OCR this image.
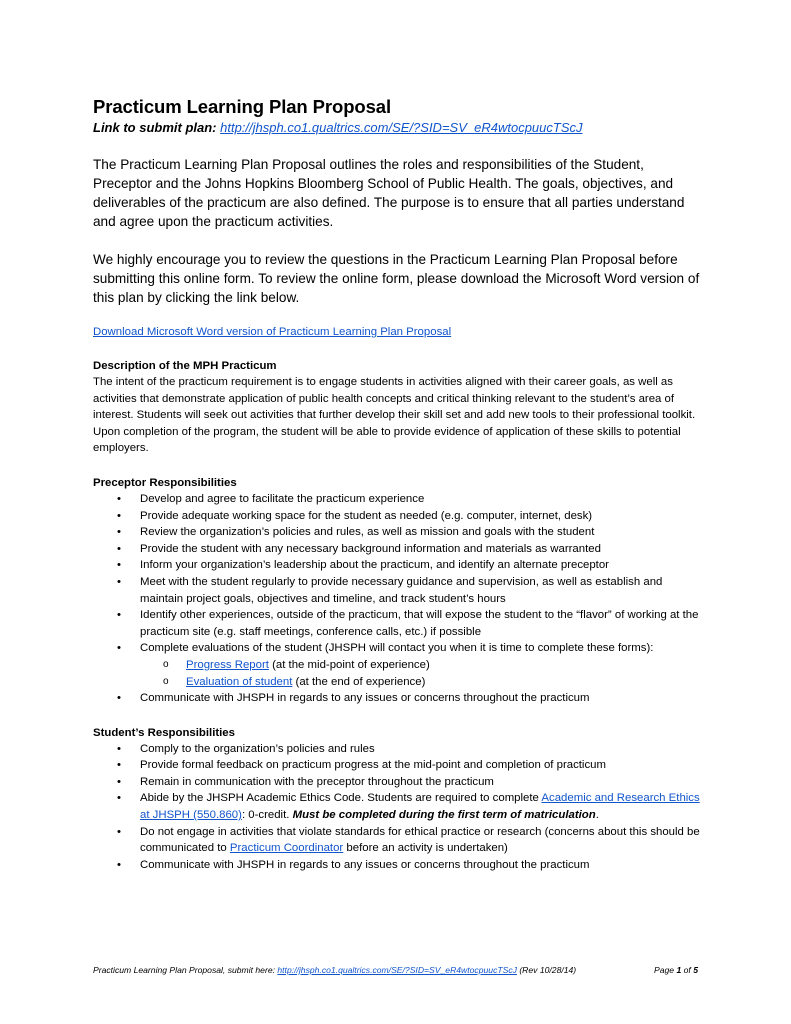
Practicum Learning Plan Proposal
Link to submit plan: http://jhsph.co1.qualtrics.com/SE/?SID=SV_eR4wtocpuucTScJ

The Practicum Learning Plan Proposal outlines the roles and responsibilities of the Student, Preceptor and the Johns Hopkins Bloomberg School of Public Health. The goals, objectives, and deliverables of the practicum are also defined. The purpose is to ensure that all parties understand and agree upon the practicum activities.

We highly encourage you to review the questions in the Practicum Learning Plan Proposal before submitting this online form. To review the online form, please download the Microsoft Word version of this plan by clicking the link below.

Download Microsoft Word version of Practicum Learning Plan Proposal
Description of the MPH Practicum

The intent of the practicum requirement is to engage students in activities aligned with their career goals, as well as activities that demonstrate application of public health concepts and critical thinking relevant to the student’s area of interest. Students will seek out activities that further develop their skill set and add new tools to their professional toolkit. Upon completion of the program, the student will be able to provide evidence of application of these skills to potential employers.

Preceptor Responsibilities
• Develop and agree to facilitate the practicum experience
• Provide adequate working space for the student as needed (e.g. computer, internet, desk)
• Review the organization’s policies and rules, as well as mission and goals with the student
• Provide the student with any necessary background information and materials as warranted
• Inform your organization’s leadership about the practicum, and identify an alternate preceptor
• Meet with the student regularly to provide necessary guidance and supervision, as well as establish and maintain project goals, objectives and timeline, and track student’s hours
• Identify other experiences, outside of the practicum, that will expose the student to the “flavor” of working at the practicum site (e.g. staff meetings, conference calls, etc.) if possible
• Complete evaluations of the student (JHSPH will contact you when it is time to complete these forms):
o Progress Report (at the mid-point of experience)
o Evaluation of student (at the end of experience)
• Communicate with JHSPH in regards to any issues or concerns throughout the practicum
Student’s Responsibilities
• Comply to the organization’s policies and rules
• Provide formal feedback on practicum progress at the mid-point and completion of practicum
• Remain in communication with the preceptor throughout the practicum
• Abide by the JHSPH Academic Ethics Code. Students are required to complete Academic and Research Ethics at JHSPH (550.860): 0-credit. Must be completed during the first term of matriculation.
• Do not engage in activities that violate standards for ethical practice or research (concerns about this should be communicated to Practicum Coordinator before an activity is undertaken)
• Communicate with JHSPH in regards to any issues or concerns throughout the practicum
Practicum Learning Plan Proposal, submit here: http://jhsph.co1.qualtrics.com/SE/?SID=SV_eR4wtocpuucTScJ (Rev 10/28/14)	Page 1 of 5
